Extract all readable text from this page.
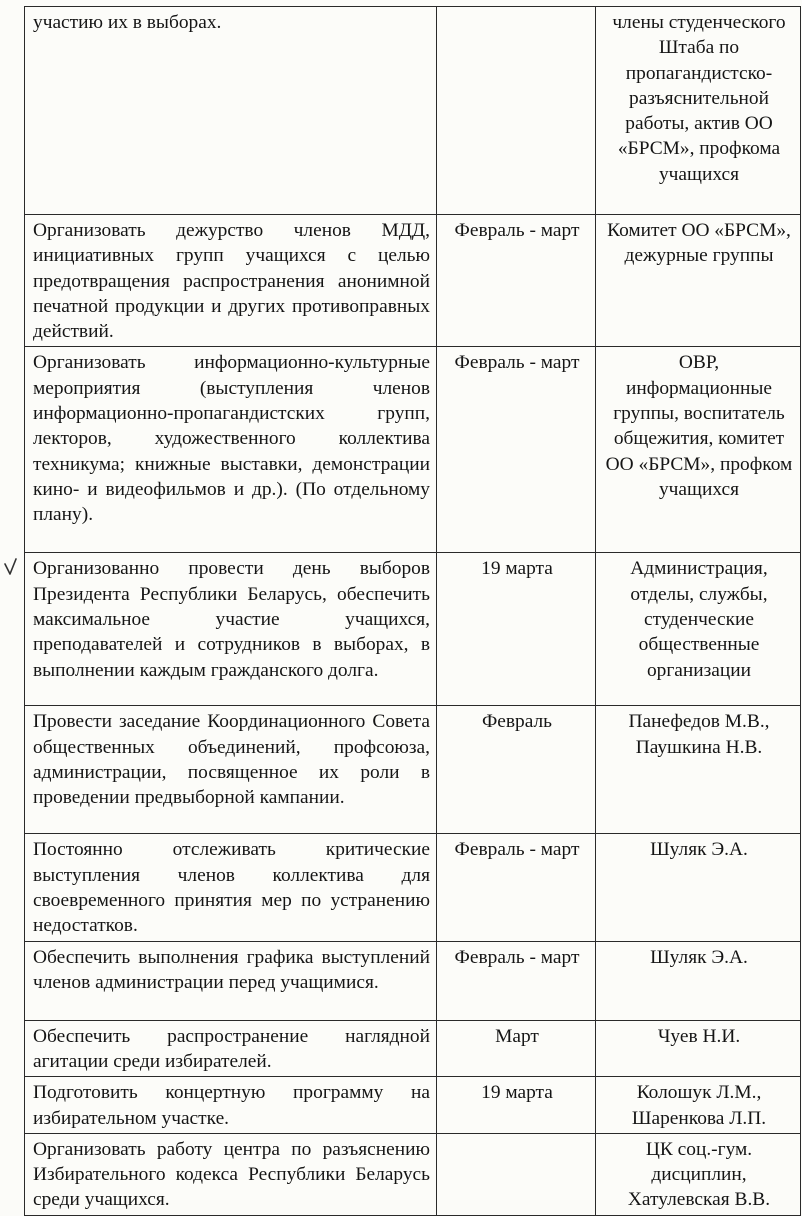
участию их в выборах.		члены студенческого Штаба по пропагандистско-разъяснительной работы, актив ОО «БРСМ», профкома учащихся
Организовать дежурство членов МДД, инициативных групп учащихся с целью предотвращения распространения анонимной печатной продукции и других противоправных действий.	Февраль - март	Комитет ОО «БРСМ», дежурные группы
Организовать информационно-культурные мероприятия (выступления членов информационно-пропагандистских групп, лекторов, художественного коллектива техникума; книжные выставки, демонстрации кино- и видеофильмов и др.). (По отдельному плану).	Февраль - март	ОВР, информационные группы, воспитатель общежития, комитет ОО «БРСМ», профком учащихся
Организованно провести день выборов Президента Республики Беларусь, обеспечить максимальное участие учащихся, преподавателей и сотрудников в выборах, в выполнении каждым гражданского долга.	19 марта	Администрация, отделы, службы, студенческие общественные организации
Провести заседание Координационного Совета общественных объединений, профсоюза, администрации, посвященное их роли в проведении предвыборной кампании.	Февраль	Панефедов М.В., Паушкина Н.В.
Постоянно отслеживать критические выступления членов коллектива для своевременного принятия мер по устранению недостатков.	Февраль - март	Шуляк Э.А.
Обеспечить выполнения графика выступлений членов администрации перед учащимися.	Февраль - март	Шуляк Э.А.
Обеспечить распространение наглядной агитации среди избирателей.	Март	Чуев Н.И.
Подготовить концертную программу на избирательном участке.	19 марта	Колошук Л.М., Шаренкова Л.П.
Организовать работу центра по разъяснению Избирательного кодекса Республики Беларусь среди учащихся.		ЦК соц.-гум. дисциплин, Хатулевская В.В.
